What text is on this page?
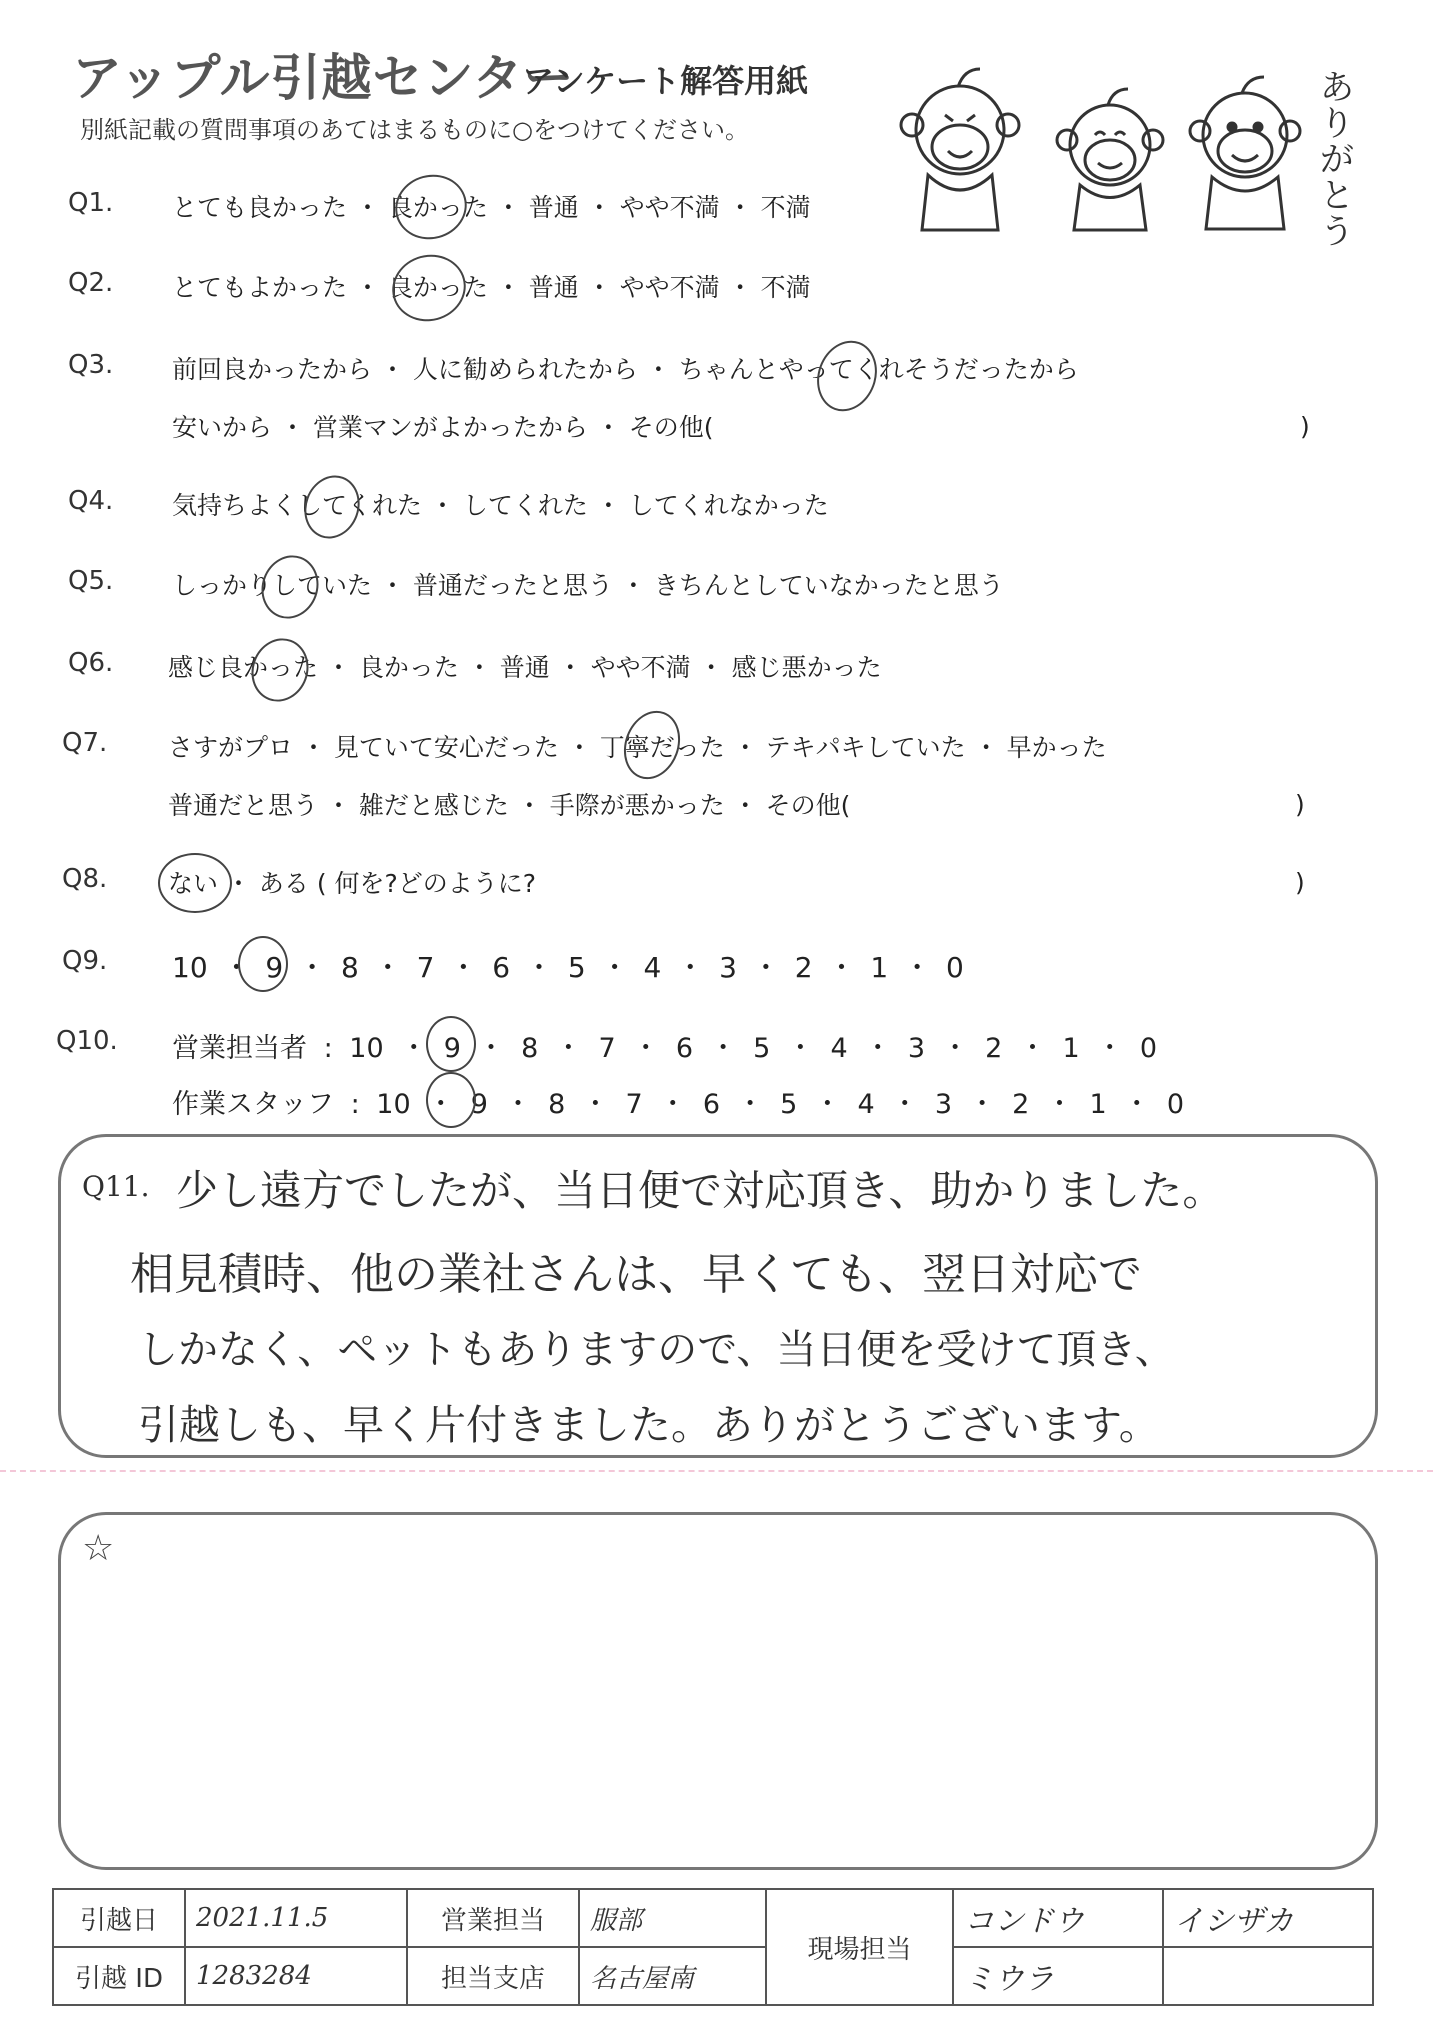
アップル引越センター
アンケート解答用紙
別紙記載の質問事項のあてはまるものに○をつけてください。
ありがとう
Q1. とても良かった ・ 良かった ・ 普通 ・ やや不満 ・ 不満
Q2. とてもよかった ・ 良かった ・ 普通 ・ やや不満 ・ 不満
Q3. 前回良かったから ・ 人に勧められたから ・ ちゃんとやってくれそうだったから
安いから ・ 営業マンがよかったから ・ その他(	)
Q4. 気持ちよくしてくれた ・ してくれた ・ してくれなかった
Q5. しっかりしていた ・ 普通だったと思う ・ きちんとしていなかったと思う
Q6. 感じ良かった ・ 良かった ・ 普通 ・ やや不満 ・ 感じ悪かった
Q7. さすがプロ ・ 見ていて安心だった ・ 丁寧だった ・ テキパキしていた ・ 早かった
普通だと思う ・ 雑だと感じた ・ 手際が悪かった ・ その他(	)
Q8. ない ・ ある ( 何を?どのように?	)
Q9. 10 ・ 9 ・ 8 ・ 7 ・ 6 ・ 5 ・ 4 ・ 3 ・ 2 ・ 1 ・ 0
Q10. 営業担当者 : 10 ・ 9 ・ 8 ・ 7 ・ 6 ・ 5 ・ 4 ・ 3 ・ 2 ・ 1 ・ 0
作業スタッフ : 10 ・ 9 ・ 8 ・ 7 ・ 6 ・ 5 ・ 4 ・ 3 ・ 2 ・ 1 ・ 0
Q11. 少し遠方でしたが、当日便で対応頂き、助かりました。
相見積時、他の業社さんは、早くても、翌日対応で
しかなく、ペットもありますので、当日便を受けて頂き、
引越しも、早く片付きました。ありがとうございます。
☆
引越日	2021.11.5	営業担当	服部	現場担当	コンドウ	イシザカ
引越 ID	1283284	担当支店	名古屋南		ミウラ	
